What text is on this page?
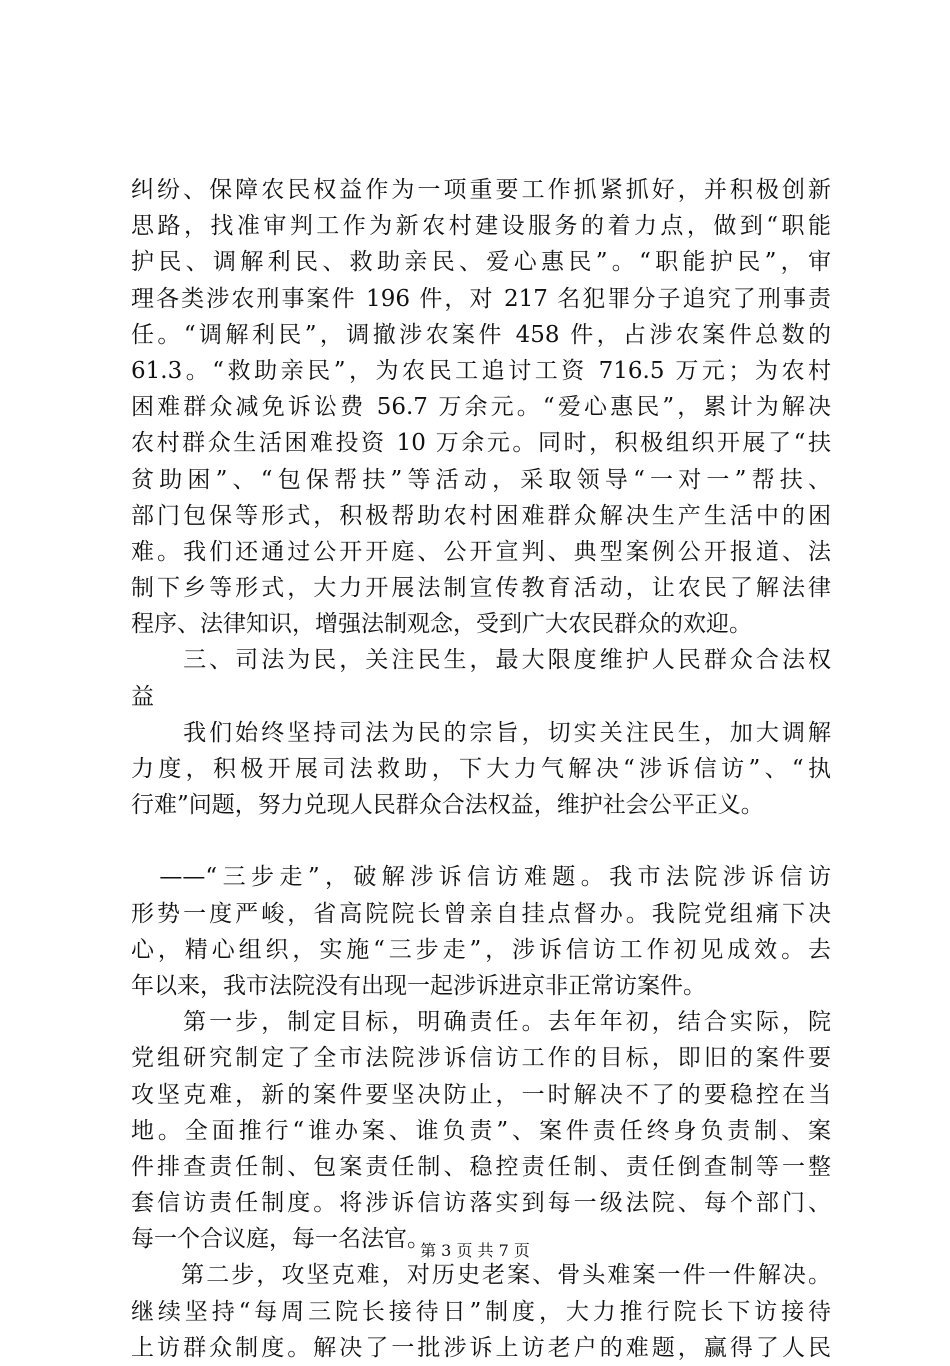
纠纷、保障农民权益作为一项重要工作抓紧抓好，并积极创新
思路，找准审判工作为新农村建设服务的着力点，做到“职能
护民、调解利民、救助亲民、爱心惠民”。“职能护民”，审
理各类涉农刑事案件 196 件，对 217 名犯罪分子追究了刑事责
任。“调解利民”，调撤涉农案件 458 件，占涉农案件总数的
61.3。“救助亲民”，为农民工追讨工资 716.5 万元；为农村
困难群众减免诉讼费 56.7 万余元。“爱心惠民”，累计为解决
农村群众生活困难投资 10 万余元。同时，积极组织开展了“扶
贫助困”、“包保帮扶”等活动，采取领导“一对一”帮扶、
部门包保等形式，积极帮助农村困难群众解决生产生活中的困
难。我们还通过公开开庭、公开宣判、典型案例公开报道、法
制下乡等形式，大力开展法制宣传教育活动，让农民了解法律
程序、法律知识，增强法制观念，受到广大农民群众的欢迎。
　　三、司法为民，关注民生，最大限度维护人民群众合法权
益
　　我们始终坚持司法为民的宗旨，切实关注民生，加大调解
力度，积极开展司法救助，下大力气解决“涉诉信访”、“执
行难”问题，努力兑现人民群众合法权益，维护社会公平正义。
　——“三步走”，破解涉诉信访难题。我市法院涉诉信访
形势一度严峻，省高院院长曾亲自挂点督办。我院党组痛下决
心，精心组织，实施“三步走”，涉诉信访工作初见成效。去
年以来，我市法院没有出现一起涉诉进京非正常访案件。
　　第一步，制定目标，明确责任。去年年初，结合实际，院
党组研究制定了全市法院涉诉信访工作的目标，即旧的案件要
攻坚克难，新的案件要坚决防止，一时解决不了的要稳控在当
地。全面推行“谁办案、谁负责”、案件责任终身负责制、案
件排查责任制、包案责任制、稳控责任制、责任倒查制等一整
套信访责任制度。将涉诉信访落实到每一级法院、每个部门、
每一个合议庭，每一名法官。
　　第二步，攻坚克难，对历史老案、骨头难案一件一件解决。
继续坚持“每周三院长接待日”制度，大力推行院长下访接待
上访群众制度。解决了一批涉诉上访老户的难题，赢得了人民
第 3 页 共 7 页
